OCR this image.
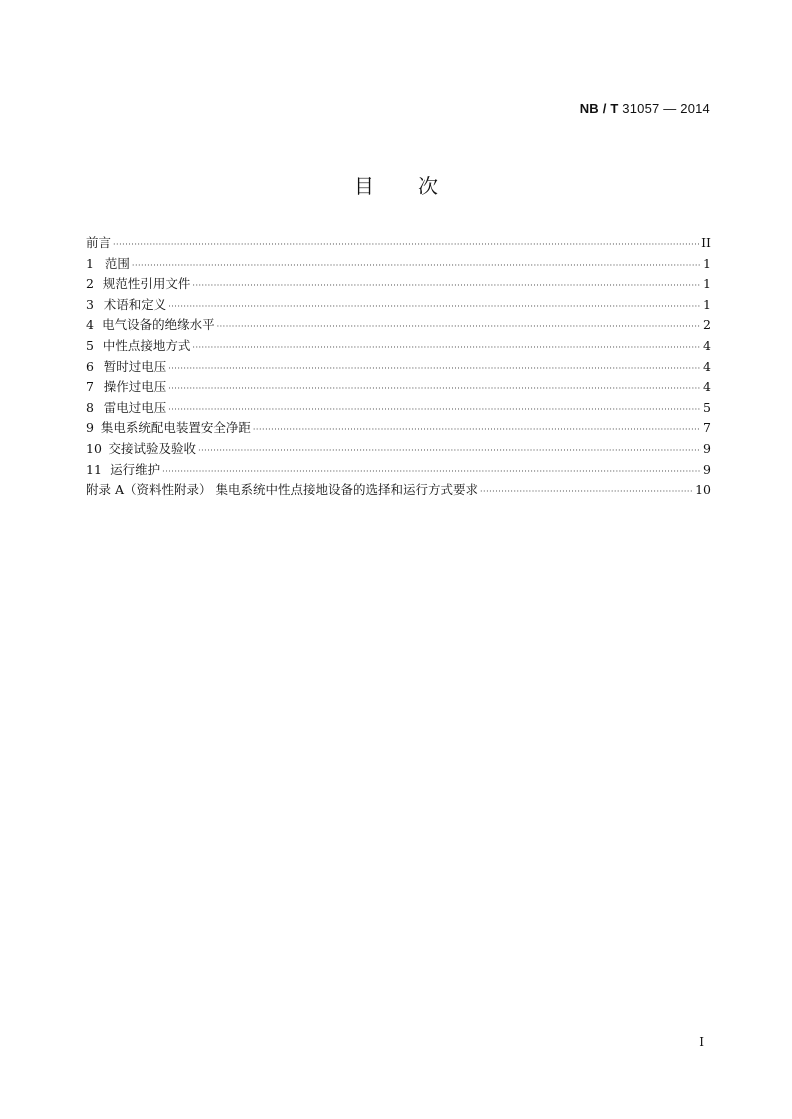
NB / T 31057 — 2014
目 次
前言 ·····	II
1 范围 ·····	1
2 规范性引用文件 ·····	1
3 术语和定义 ·····	1
4 电气设备的绝缘水平 ·····	2
5 中性点接地方式 ·····	4
6 暂时过电压 ·····	4
7 操作过电压 ·····	4
8 雷电过电压 ·····	5
9 集电系统配电装置安全净距 ·····	7
10 交接试验及验收 ·····	9
11 运行维护 ·····	9
附录 A（资料性附录） 集电系统中性点接地设备的选择和运行方式要求 ·····	10
I
